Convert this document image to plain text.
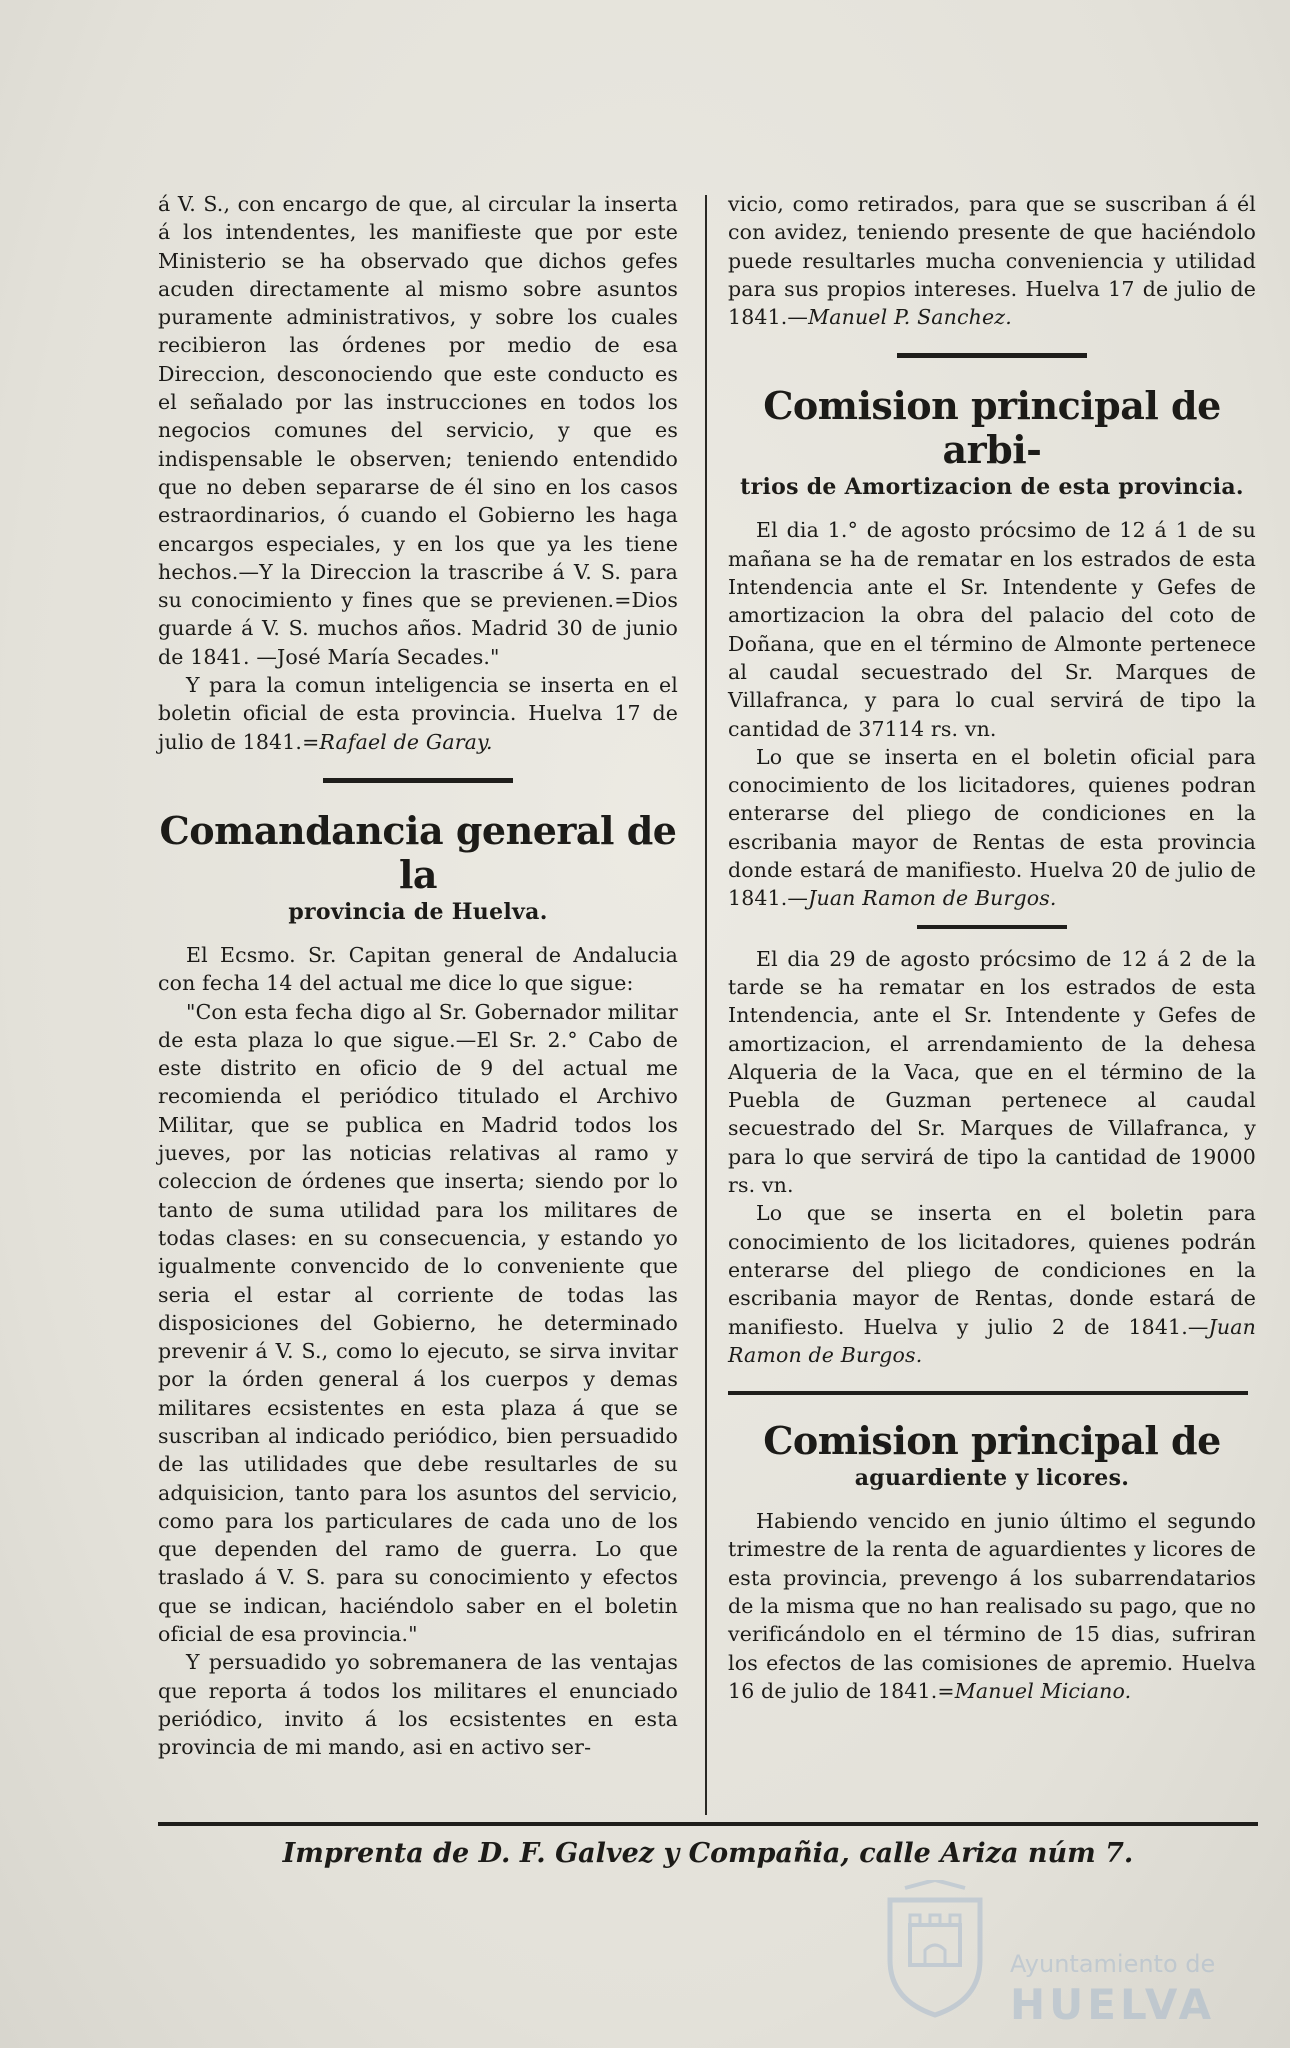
á V. S., con encargo de que, al circular la inserta á los intendentes, les manifieste que por este Ministerio se ha observado que dichos gefes acuden directamente al mismo sobre asuntos puramente administrativos, y sobre los cuales recibieron las órdenes por medio de esa Direccion, desconociendo que este conducto es el señalado por las instrucciones en todos los negocios comunes del servicio, y que es indispensable le observen; teniendo entendido que no deben separarse de él sino en los casos estraordinarios, ó cuando el Gobierno les haga encargos especiales, y en los que ya les tiene hechos.—Y la Direccion la trascribe á V. S. para su conocimiento y fines que se previenen.=Dios guarde á V. S. muchos años. Madrid 30 de junio de 1841. —José María Secades."

Y para la comun inteligencia se inserta en el boletin oficial de esta provincia. Huelva 17 de julio de 1841.=Rafael de Garay.

Comandancia general de la
provincia de Huelva.

El Ecsmo. Sr. Capitan general de Andalucia con fecha 14 del actual me dice lo que sigue:

"Con esta fecha digo al Sr. Gobernador militar de esta plaza lo que sigue.—El Sr. 2.° Cabo de este distrito en oficio de 9 del actual me recomienda el periódico titulado el Archivo Militar, que se publica en Madrid todos los jueves, por las noticias relativas al ramo y coleccion de órdenes que inserta; siendo por lo tanto de suma utilidad para los militares de todas clases: en su consecuencia, y estando yo igualmente convencido de lo conveniente que seria el estar al corriente de todas las disposiciones del Gobierno, he determinado prevenir á V. S., como lo ejecuto, se sirva invitar por la órden general á los cuerpos y demas militares ecsistentes en esta plaza á que se suscriban al indicado periódico, bien persuadido de las utilidades que debe resultarles de su adquisicion, tanto para los asuntos del servicio, como para los particulares de cada uno de los que dependen del ramo de guerra. Lo que traslado á V. S. para su conocimiento y efectos que se indican, haciéndolo saber en el boletin oficial de esa provincia."

Y persuadido yo sobremanera de las ventajas que reporta á todos los militares el enunciado periódico, invito á los ecsistentes en esta provincia de mi mando, asi en activo ser-

vicio, como retirados, para que se suscriban á él con avidez, teniendo presente de que haciéndolo puede resultarles mucha conveniencia y utilidad para sus propios intereses. Huelva 17 de julio de 1841.—Manuel P. Sanchez.

Comision principal de arbi-
trios de Amortizacion de esta provincia.

El dia 1.° de agosto prócsimo de 12 á 1 de su mañana se ha de rematar en los estrados de esta Intendencia ante el Sr. Intendente y Gefes de amortizacion la obra del palacio del coto de Doñana, que en el término de Almonte pertenece al caudal secuestrado del Sr. Marques de Villafranca, y para lo cual servirá de tipo la cantidad de 37114 rs. vn.

Lo que se inserta en el boletin oficial para conocimiento de los licitadores, quienes podran enterarse del pliego de condiciones en la escribania mayor de Rentas de esta provincia donde estará de manifiesto. Huelva 20 de julio de 1841.—Juan Ramon de Burgos.

El dia 29 de agosto prócsimo de 12 á 2 de la tarde se ha rematar en los estrados de esta Intendencia, ante el Sr. Intendente y Gefes de amortizacion, el arrendamiento de la dehesa Alqueria de la Vaca, que en el término de la Puebla de Guzman pertenece al caudal secuestrado del Sr. Marques de Villafranca, y para lo que servirá de tipo la cantidad de 19000 rs. vn.

Lo que se inserta en el boletin para conocimiento de los licitadores, quienes podrán enterarse del pliego de condiciones en la escribania mayor de Rentas, donde estará de manifiesto. Huelva y julio 2 de 1841.—Juan Ramon de Burgos.

Comision principal de
aguardiente y licores.

Habiendo vencido en junio último el segundo trimestre de la renta de aguardientes y licores de esta provincia, prevengo á los subarrendatarios de la misma que no han realisado su pago, que no verificándolo en el término de 15 dias, sufriran los efectos de las comisiones de apremio. Huelva 16 de julio de 1841.=Manuel Miciano.

Imprenta de D. F. Galvez y Compañia, calle Ariza núm 7.
Ayuntamiento de
HUELVA
